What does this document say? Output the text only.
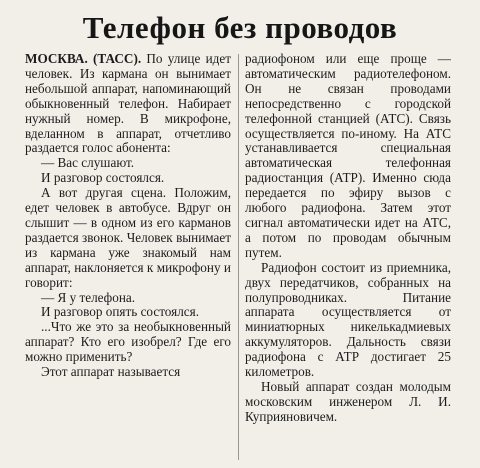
Телефон без проводов

МОСКВА. (ТАСС). По улице идет человек. Из кармана он вынимает небольшой аппарат, напоминающий обыкновенный телефон. Набирает нужный номер. В микрофоне, вделанном в аппарат, отчетливо раздается голос абонента:

— Вас слушают.

И разговор состоялся.

А вот другая сцена. Положим, едет человек в автобусе. Вдруг он слышит — в одном из его карманов раздается звонок. Человек вынимает из кармана уже знакомый нам аппарат, наклоняется к микрофону и говорит:

— Я у телефона.

И разговор опять состоялся.

...Что же это за необыкновенный аппарат? Кто его изобрел? Где его можно применить?

Этот аппарат называется

радиофоном или еще проще — автоматическим радиотелефоном. Он не связан проводами непосредственно с городской телефонной станцией (АТС). Связь осуществляется по-иному. На АТС устанавливается специальная автоматическая телефонная радиостанция (АТР). Именно сюда передается по эфиру вызов с любого радиофона. Затем этот сигнал автоматически идет на АТС, а потом по проводам обычным путем.

Радиофон состоит из приемника, двух передатчиков, собранных на полупроводниках. Питание аппарата осуществляется от миниатюрных никелькадмиевых аккумуляторов. Дальность связи радиофона с АТР достигает 25 километров.

Новый аппарат создан молодым московским инженером Л. И. Куприяновичем.
